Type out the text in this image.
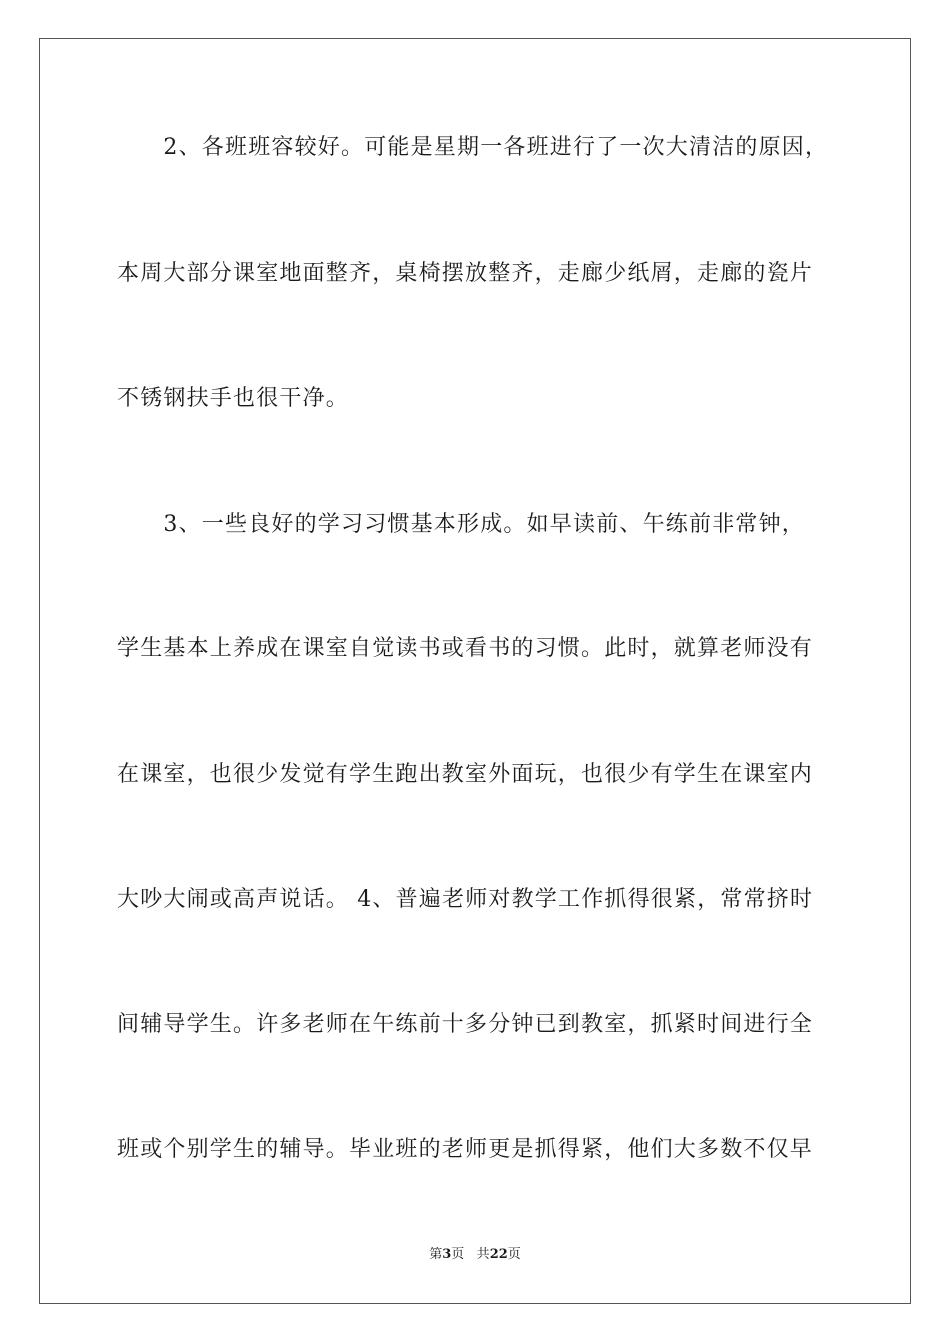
　　2、各班班容较好。可能是星期一各班进行了一次大清洁的原因，
本周大部分课室地面整齐，桌椅摆放整齐，走廊少纸屑，走廊的瓷片
不锈钢扶手也很干净。
　　3、一些良好的学习习惯基本形成。如早读前、午练前非常钟，
学生基本上养成在课室自觉读书或看书的习惯。此时，就算老师没有
在课室，也很少发觉有学生跑出教室外面玩，也很少有学生在课室内
大吵大闹或高声说话。 4、普遍老师对教学工作抓得很紧，常常挤时
间辅导学生。许多老师在午练前十多分钟已到教室，抓紧时间进行全
班或个别学生的辅导。毕业班的老师更是抓得紧，他们大多数不仅早
第3页 共22页
